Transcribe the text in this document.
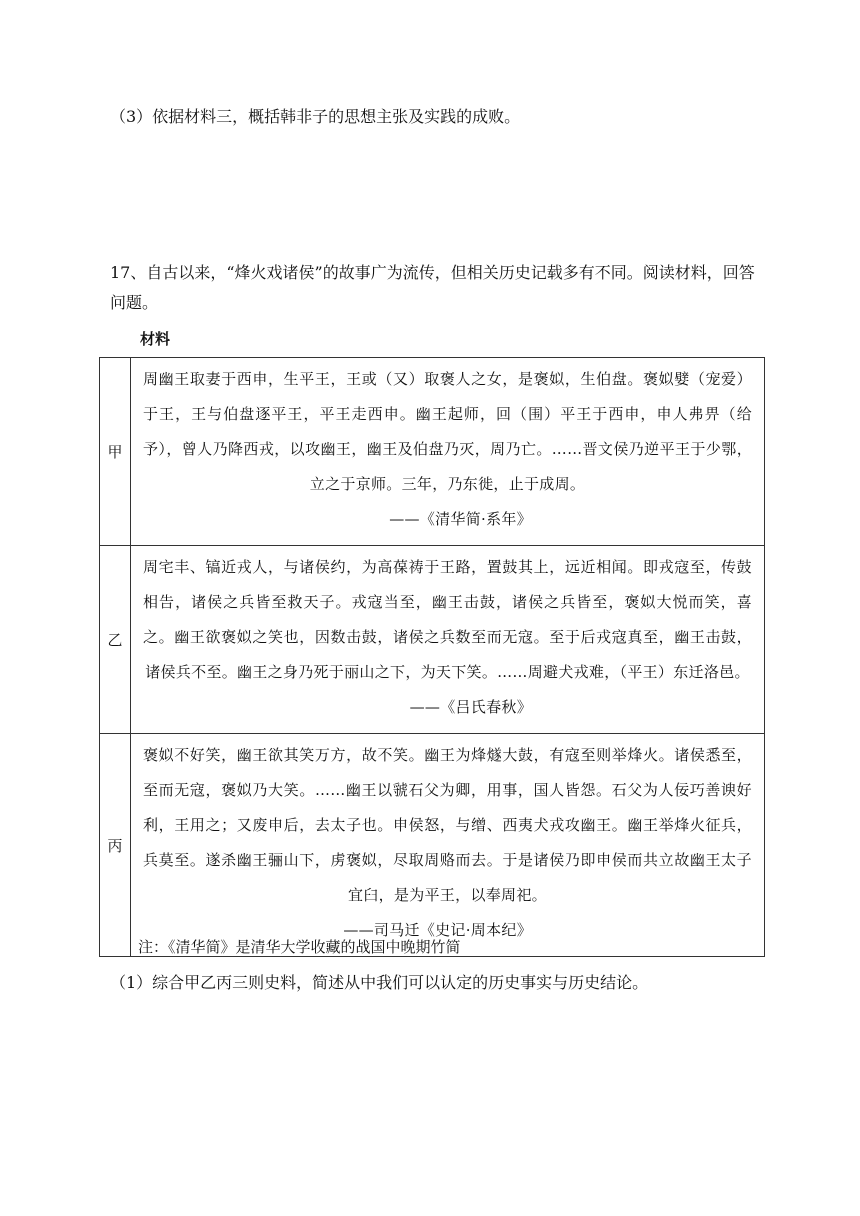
（3）依据材料三，概括韩非子的思想主张及实践的成败。
17、自古以来，“烽火戏诸侯”的故事广为流传，但相关历史记载多有不同。阅读材料，回答问题。
材料
甲	周幽王取妻于西申，生平王，王或（又）取褒人之女，是褒姒，生伯盘。褒姒嬖（宠爱）于王，王与伯盘逐平王，平王走西申。幽王起师，回（围）平王于西申，申人弗畀（给予），曾人乃降西戎，以攻幽王，幽王及伯盘乃灭，周乃亡。……晋文侯乃逆平王于少鄂，立之于京师。三年，乃东徙，止于成周。
——《清华简·系年》

乙	周宅丰、镐近戎人，与诸侯约，为高葆祷于王路，置鼓其上，远近相闻。即戎寇至，传鼓相告，诸侯之兵皆至救天子。戎寇当至，幽王击鼓，诸侯之兵皆至，褒姒大悦而笑，喜之。幽王欲褒姒之笑也，因数击鼓，诸侯之兵数至而无寇。至于后戎寇真至，幽王击鼓，诸侯兵不至。幽王之身乃死于丽山之下，为天下笑。……周避犬戎难，（平王）东迁洛邑。
——《吕氏春秋》

丙	褒姒不好笑，幽王欲其笑万方，故不笑。幽王为烽燧大鼓，有寇至则举烽火。诸侯悉至，至而无寇，褒姒乃大笑。……幽王以虢石父为卿，用事，国人皆怨。石父为人佞巧善谀好利，王用之；又废申后，去太子也。申侯怒，与缯、西夷犬戎攻幽王。幽王举烽火征兵，兵莫至。遂杀幽王骊山下，虏褒姒，尽取周赂而去。于是诸侯乃即申侯而共立故幽王太子宜臼，是为平王，以奉周祀。
——司马迁《史记·周本纪》
注：《清华简》是清华大学收藏的战国中晚期竹简
（1）综合甲乙丙三则史料，简述从中我们可以认定的历史事实与历史结论。
